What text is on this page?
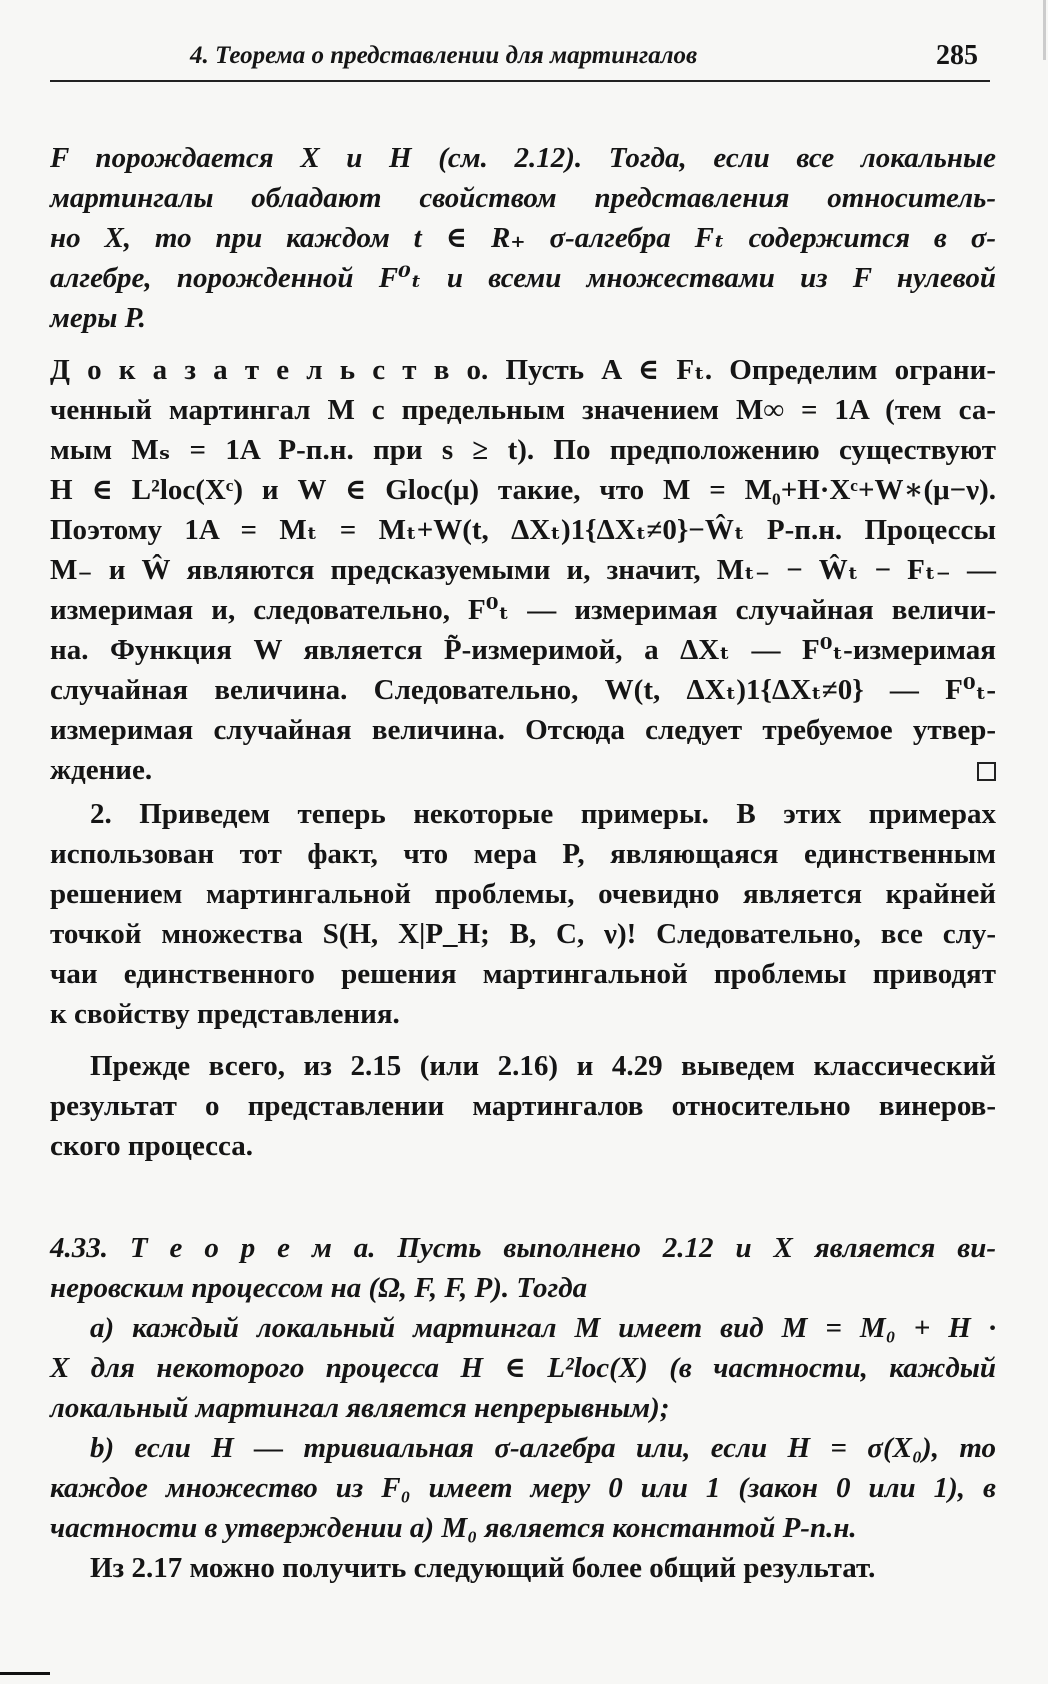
4. Теорема о представлении для мартингалов	285
F порождается X и H (см. 2.12). Тогда, если все локальные
мартингалы обладают свойством представления относитель-
но X, то при каждом t ∈ R₊ σ-алгебра Fₜ содержится в σ-
алгебре, порожденной F⁰ₜ и всеми множествами из F нулевой
меры P.
Д о к а з а т е л ь с т в о. Пусть A ∈ Fₜ. Определим ограни-
ченный мартингал M с предельным значением M∞ = 1A (тем са-
мым Mₛ = 1A P-п.н. при s ≥ t). По предположению существуют
H ∈ L²loc(Xᶜ) и W ∈ Gloc(μ) такие, что M = M₀+H·Xᶜ+W∗(μ−ν).
Поэтому 1A = Mₜ = Mₜ+W(t, ΔXₜ)1{ΔXₜ≠0}−Ŵₜ P-п.н. Процессы
M₋ и Ŵ являются предсказуемыми и, значит, Mₜ₋ − Ŵₜ − Fₜ₋ —
измеримая и, следовательно, F⁰ₜ — измеримая случайная величи-
на. Функция W является P̃-измеримой, а ΔXₜ — F⁰ₜ-измеримая
случайная величина. Следовательно, W(t, ΔXₜ)1{ΔXₜ≠0} — F⁰ₜ-
измеримая случайная величина. Отсюда следует требуемое утвер-
ждение.
2. Приведем теперь некоторые примеры. В этих примерах
использован тот факт, что мера P, являющаяся единственным
решением мартингальной проблемы, очевидно является крайней
точкой множества S(H, X|P_H; B, C, ν)! Следовательно, все слу-
чаи единственного решения мартингальной проблемы приводят
к свойству представления.
Прежде всего, из 2.15 (или 2.16) и 4.29 выведем классический
результат о представлении мартингалов относительно винеров-
ского процесса.
4.33. Т е о р е м а. Пусть выполнено 2.12 и X является ви-
неровским процессом на (Ω, F, F, P). Тогда
a) каждый локальный мартингал M имеет вид M = M₀ + H ·
X для некоторого процесса H ∈ L²loc(X) (в частности, каждый
локальный мартингал является непрерывным);
b) если H — тривиальная σ-алгебра или, если H = σ(X₀), то
каждое множество из F₀ имеет меру 0 или 1 (закон 0 или 1), в
частности в утверждении a) M₀ является константой P-п.н.
Из 2.17 можно получить следующий более общий результат.
